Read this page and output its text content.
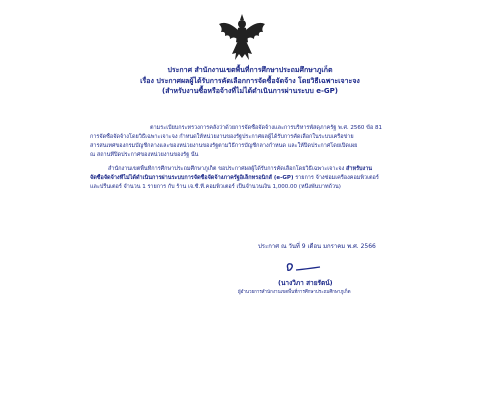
ประกาศ สำนักงานเขตพื้นที่การศึกษาประถมศึกษาภูเก็ต
เรื่อง ประกาศผลผู้ได้รับการคัดเลือกการจัดซื้อจัดจ้าง โดยวิธีเฉพาะเจาะจง
(สำหรับงานซื้อหรือจ้างที่ไม่ได้ดำเนินการผ่านระบบ e-GP)
ตามระเบียบกระทรวงการคลังว่าด้วยการจัดซื้อจัดจ้างและการบริหารพัสดุภาครัฐ พ.ศ. 2560 ข้อ 81
การจัดซื้อจัดจ้างโดยวิธีเฉพาะเจาะจง กำหนดให้หน่วยงานของรัฐประกาศผลผู้ได้รับการคัดเลือกในระบบเครือข่าย
สารสนเทศของกรมบัญชีกลางและของหน่วยงานของรัฐตามวิธีการบัญชีกลางกำหนด และให้ปิดประกาศโดยเปิดเผย
ณ สถานที่ปิดประกาศของหน่วยงานของรัฐ นั้น
สำนักงานเขตพื้นที่การศึกษาประถมศึกษาภูเก็ต ขอประกาศผลผู้ได้รับการคัดเลือกโดยวิธีเฉพาะเจาะจง สำหรับงาน
จัดซื้อจัดจ้างที่ไม่ได้ดำเนินการผ่านระบบการจัดซื้อจัดจ้างภาครัฐอิเล็กทรอนิกส์ (e-GP) รายการ จ้างซ่อมเครื่องคอมพิวเตอร์
และปริ้นเตอร์ จำนวน 1 รายการ กับ ร้าน เจ.ซี.ที.คอมพิวเตอร์ เป็นจำนวนเงิน 1,000.00 (หนึ่งพันบาทถ้วน)
ประกาศ ณ วันที่ 9 เดือน มกราคม พ.ศ. 2566
(นางวิภา สายรัตน์)
ผู้อำนวยการสำนักงานเขตพื้นที่การศึกษาประถมศึกษาภูเก็ต
